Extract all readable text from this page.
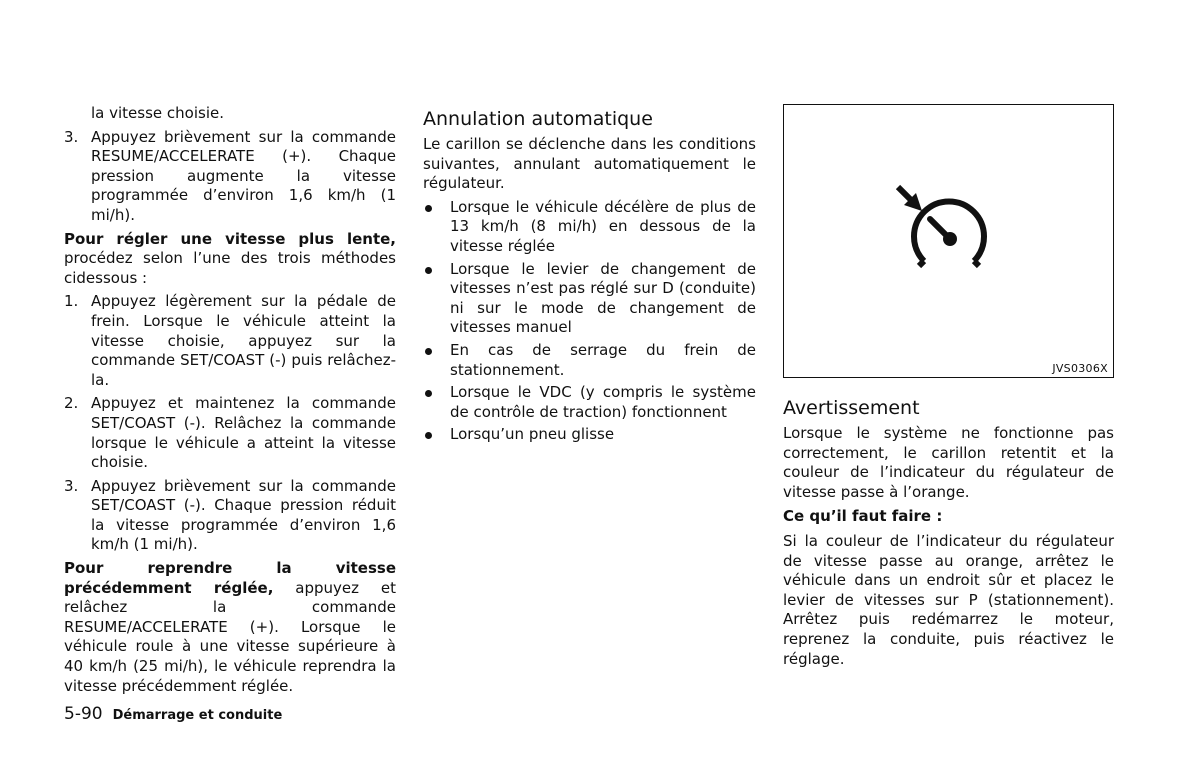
la vitesse choisie.

3. Appuyez brièvement sur la commande RESUME/ACCELERATE (+). Chaque pression augmente la vitesse programmée d’environ 1,6 km/h (1 mi/h).

Pour régler une vitesse plus lente, procédez selon l’une des trois méthodes cidessous :

1. Appuyez légèrement sur la pédale de frein. Lorsque le véhicule atteint la vitesse choisie, appuyez sur la commande SET/COAST (-) puis relâchez-la.
2. Appuyez et maintenez la commande SET/COAST (-). Relâchez la commande lorsque le véhicule a atteint la vitesse choisie.
3. Appuyez brièvement sur la commande SET/COAST (-). Chaque pression réduit la vitesse programmée d’environ 1,6 km/h (1 mi/h).

Pour reprendre la vitesse précédemment réglée, appuyez et relâchez la commande RESUME/ACCELERATE (+). Lorsque le véhicule roule à une vitesse supérieure à 40 km/h (25 mi/h), le véhicule reprendra la vitesse précédemment réglée.

Annulation automatique

Le carillon se déclenche dans les conditions suivantes, annulant automatiquement le régulateur.

Lorsque le véhicule décélère de plus de 13 km/h (8 mi/h) en dessous de la vitesse réglée
Lorsque le levier de changement de vitesses n’est pas réglé sur D (conduite) ni sur le mode de changement de vitesses manuel
En cas de serrage du frein de stationnement.
Lorsque le VDC (y compris le système de contrôle de traction) fonctionnent
Lorsqu’un pneu glisse
JVS0306X
Avertissement

Lorsque le système ne fonctionne pas correctement, le carillon retentit et la couleur de l’indicateur du régulateur de vitesse passe à l’orange.

Ce qu’il faut faire :

Si la couleur de l’indicateur du régulateur de vitesse passe au orange, arrêtez le véhicule dans un endroit sûr et placez le levier de vitesses sur P (stationnement). Arrêtez puis redémarrez le moteur, reprenez la conduite, puis réactivez le réglage.

5-90 Démarrage et conduite
